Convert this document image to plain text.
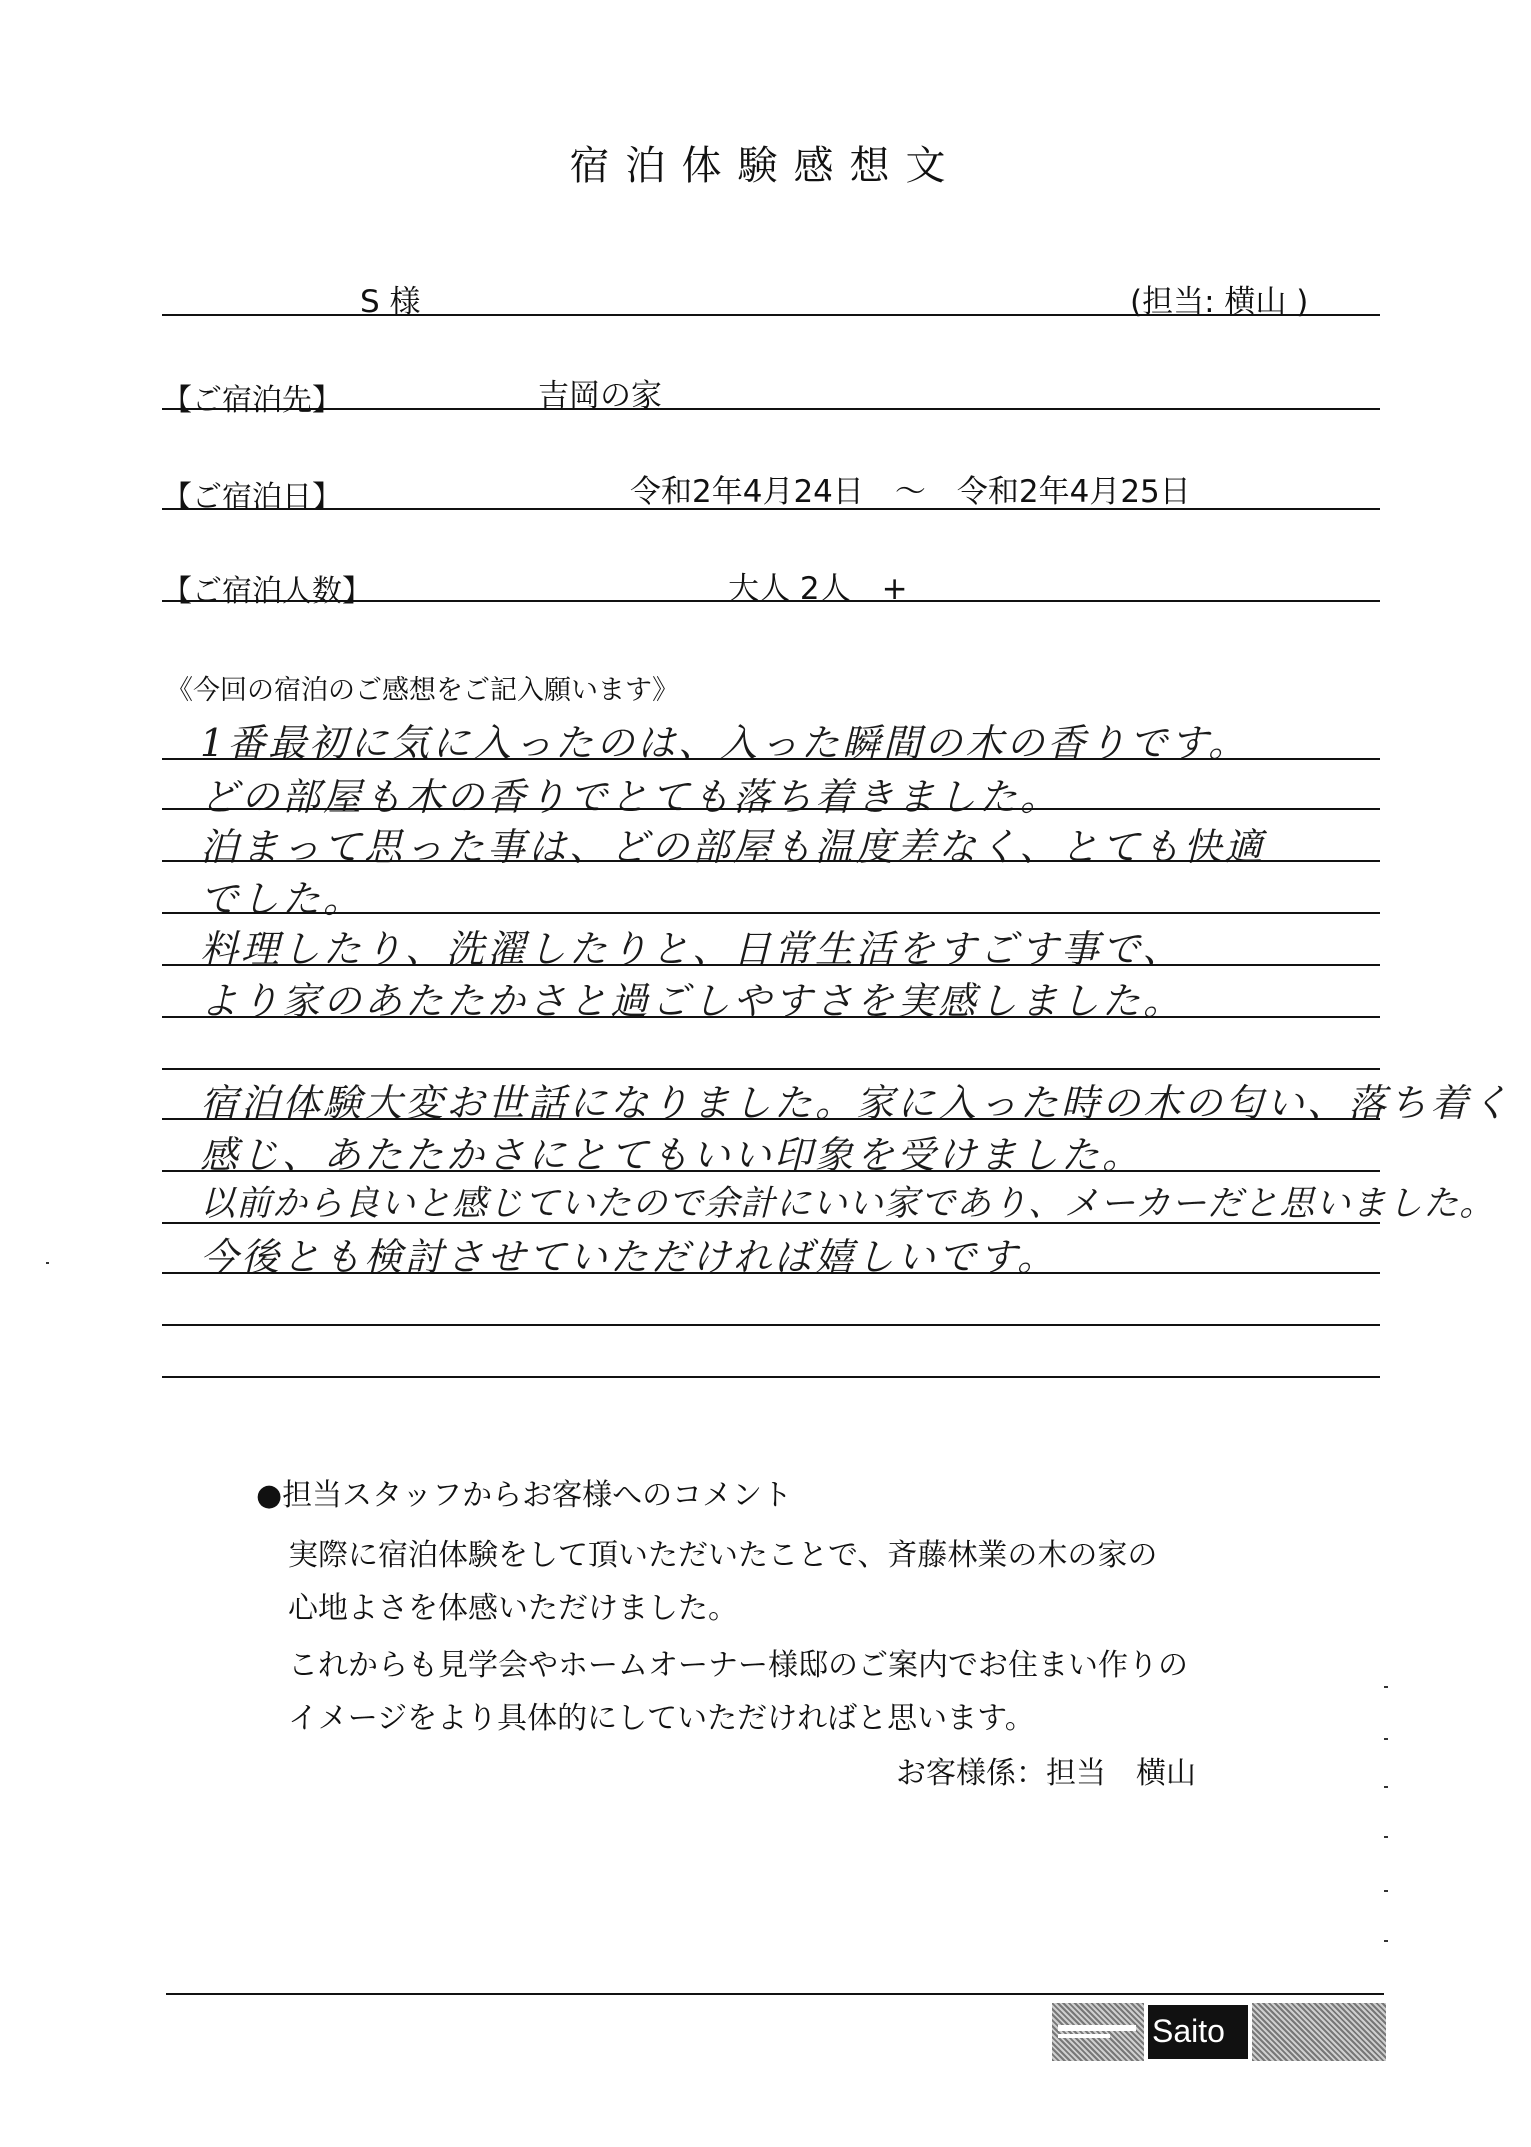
宿泊体験感想文
S 様	(担当: 横山 )
【ご宿泊先】	吉岡の家
【ご宿泊日】	令和2年4月24日　〜　令和2年4月25日
【ご宿泊人数】	大人 2人　+
《今回の宿泊のご感想をご記入願います》
1番最初に気に入ったのは、入った瞬間の木の香りです。
どの部屋も木の香りでとても落ち着きました。
泊まって思った事は、どの部屋も温度差なく、とても快適
でした。
料理したり、洗濯したりと、日常生活をすごす事で、
より家のあたたかさと過ごしやすさを実感しました。
宿泊体験大変お世話になりました。家に入った時の木の匂い、落ち着く
感じ、あたたかさにとてもいい印象を受けました。
以前から良いと感じていたので余計にいい家であり、メーカーだと思いました。
今後とも検討させていただければ嬉しいです。
●担当スタッフからお客様へのコメント
実際に宿泊体験をして頂いただいたことで、斉藤林業の木の家の
心地よさを体感いただけました。
これからも見学会やホームオーナー様邸のご案内でお住まい作りの
イメージをより具体的にしていただければと思います。
お客様係：担当　横山
Saito
